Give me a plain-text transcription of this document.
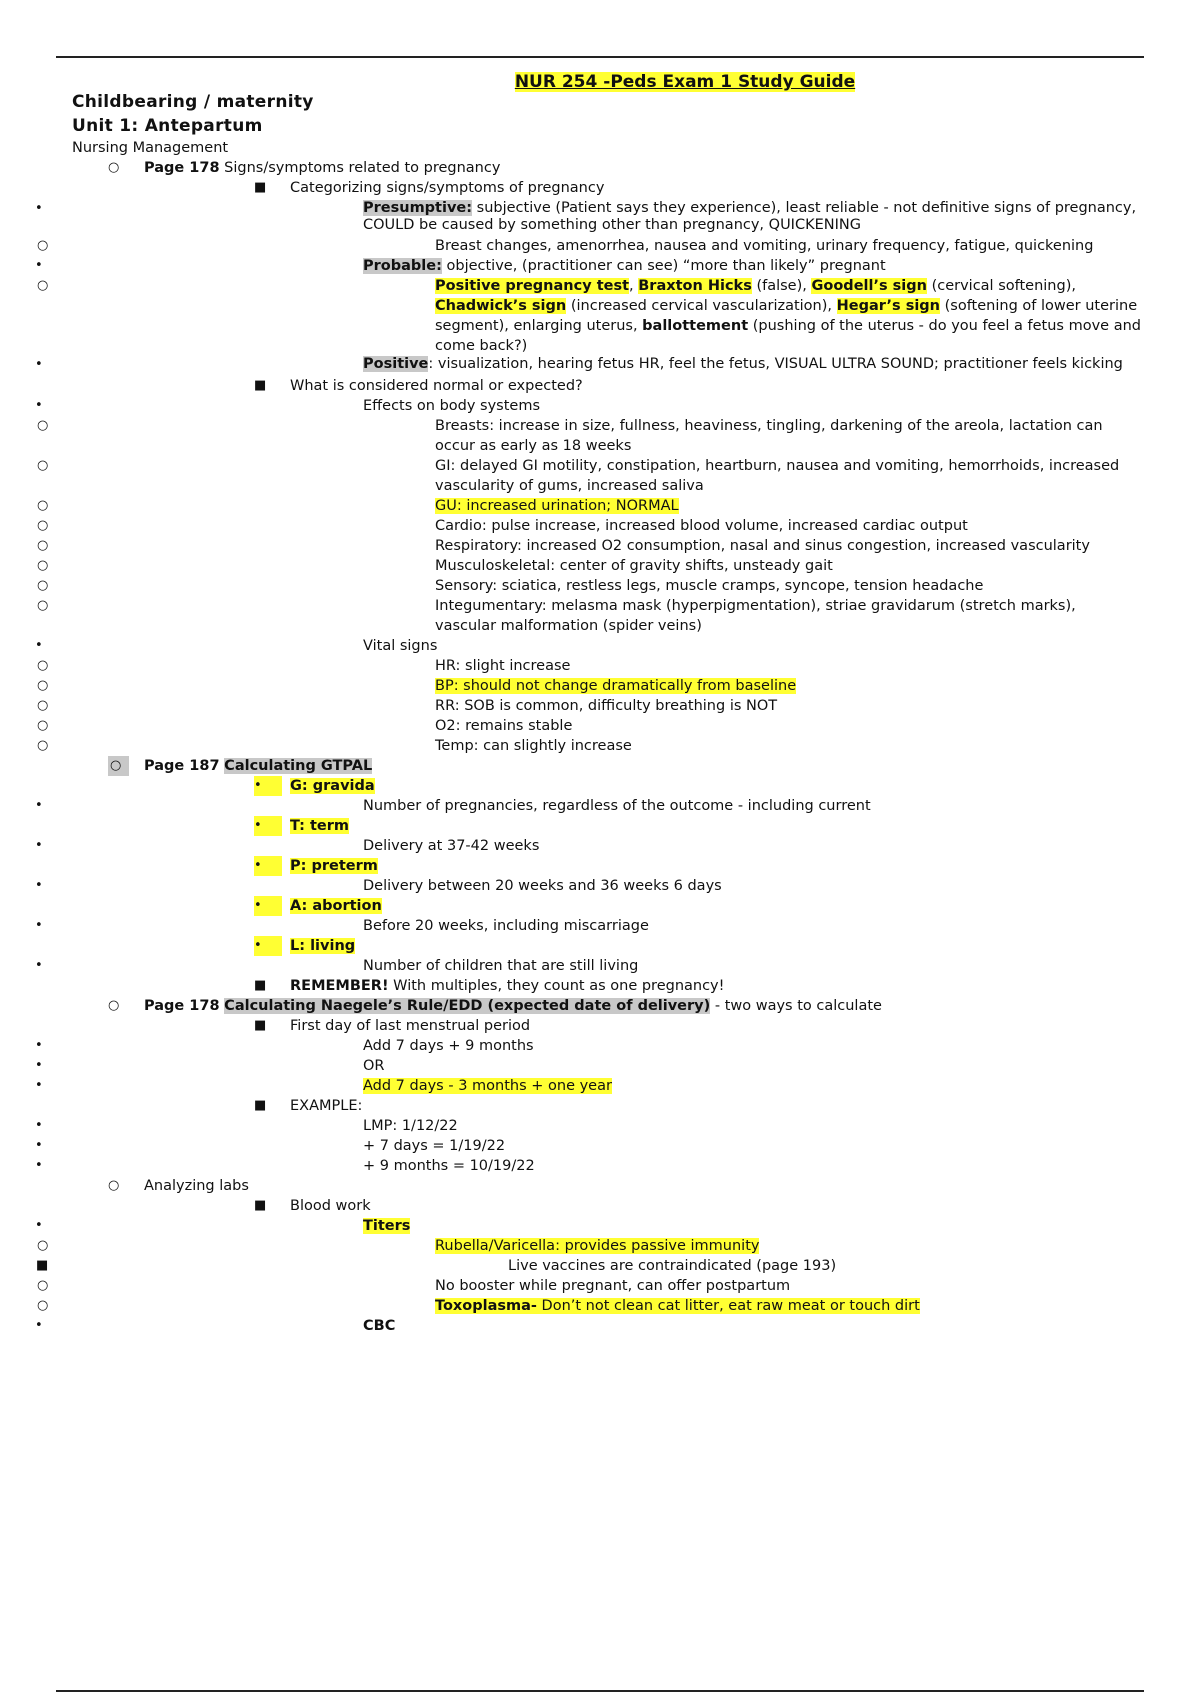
NUR 254 -Peds Exam 1 Study Guide
Childbearing / maternity
Unit 1: Antepartum
Nursing Management
○ Page 178 Signs/symptoms related to pregnancy
■ Categorizing signs/symptoms of pregnancy
•	Presumptive: subjective (Patient says they experience), least reliable - not definitive signs of pregnancy, COULD be caused by something other than pregnancy, QUICKENING
○	Breast changes, amenorrhea, nausea and vomiting, urinary frequency, fatigue, quickening
•	Probable: objective, (practitioner can see) “more than likely” pregnant
○	Positive pregnancy test, Braxton Hicks (false), Goodell’s sign (cervical softening), Chadwick’s sign (increased cervical vascularization), Hegar’s sign (softening of lower uterine segment), enlarging uterus, ballottement (pushing of the uterus - do you feel a fetus move and come back?)
•	Positive: visualization, hearing fetus HR, feel the fetus, VISUAL ULTRA SOUND; practitioner feels kicking
■ What is considered normal or expected?
•	Effects on body systems
○	Breasts: increase in size, fullness, heaviness, tingling, darkening of the areola, lactation can occur as early as 18 weeks
○	GI: delayed GI motility, constipation, heartburn, nausea and vomiting, hemorrhoids, increased vascularity of gums, increased saliva
○	GU: increased urination; NORMAL
○	Cardio: pulse increase, increased blood volume, increased cardiac output
○	Respiratory: increased O2 consumption, nasal and sinus congestion, increased vascularity
○	Musculoskeletal: center of gravity shifts, unsteady gait
○	Sensory: sciatica, restless legs, muscle cramps, syncope, tension headache
○	Integumentary: melasma mask (hyperpigmentation), striae gravidarum (stretch marks), vascular malformation (spider veins)
•	Vital signs
○	HR: slight increase
○	BP: should not change dramatically from baseline
○	RR: SOB is common, difficulty breathing is NOT
○	O2: remains stable
○	Temp: can slightly increase
○	Page 187 Calculating GTPAL
•	G: gravida
•	Number of pregnancies, regardless of the outcome - including current
•	T: term
•	Delivery at 37-42 weeks
•	P: preterm
•	Delivery between 20 weeks and 36 weeks 6 days
•	A: abortion
•	Before 20 weeks, including miscarriage
•	L: living
•	Number of children that are still living
■ REMEMBER! With multiples, they count as one pregnancy!
○ Page 178 Calculating Naegele’s Rule/EDD (expected date of delivery) - two ways to calculate
■ First day of last menstrual period
•	Add 7 days + 9 months
•	OR
•	Add 7 days - 3 months + one year
■ EXAMPLE:
•	LMP: 1/12/22
•	+ 7 days = 1/19/22
•	+ 9 months = 10/19/22
○ Analyzing labs
■ Blood work
•	Titers
○	Rubella/Varicella: provides passive immunity
■	Live vaccines are contraindicated (page 193)
○	No booster while pregnant, can offer postpartum
○	Toxoplasma- Don’t not clean cat litter, eat raw meat or touch dirt
•	CBC
